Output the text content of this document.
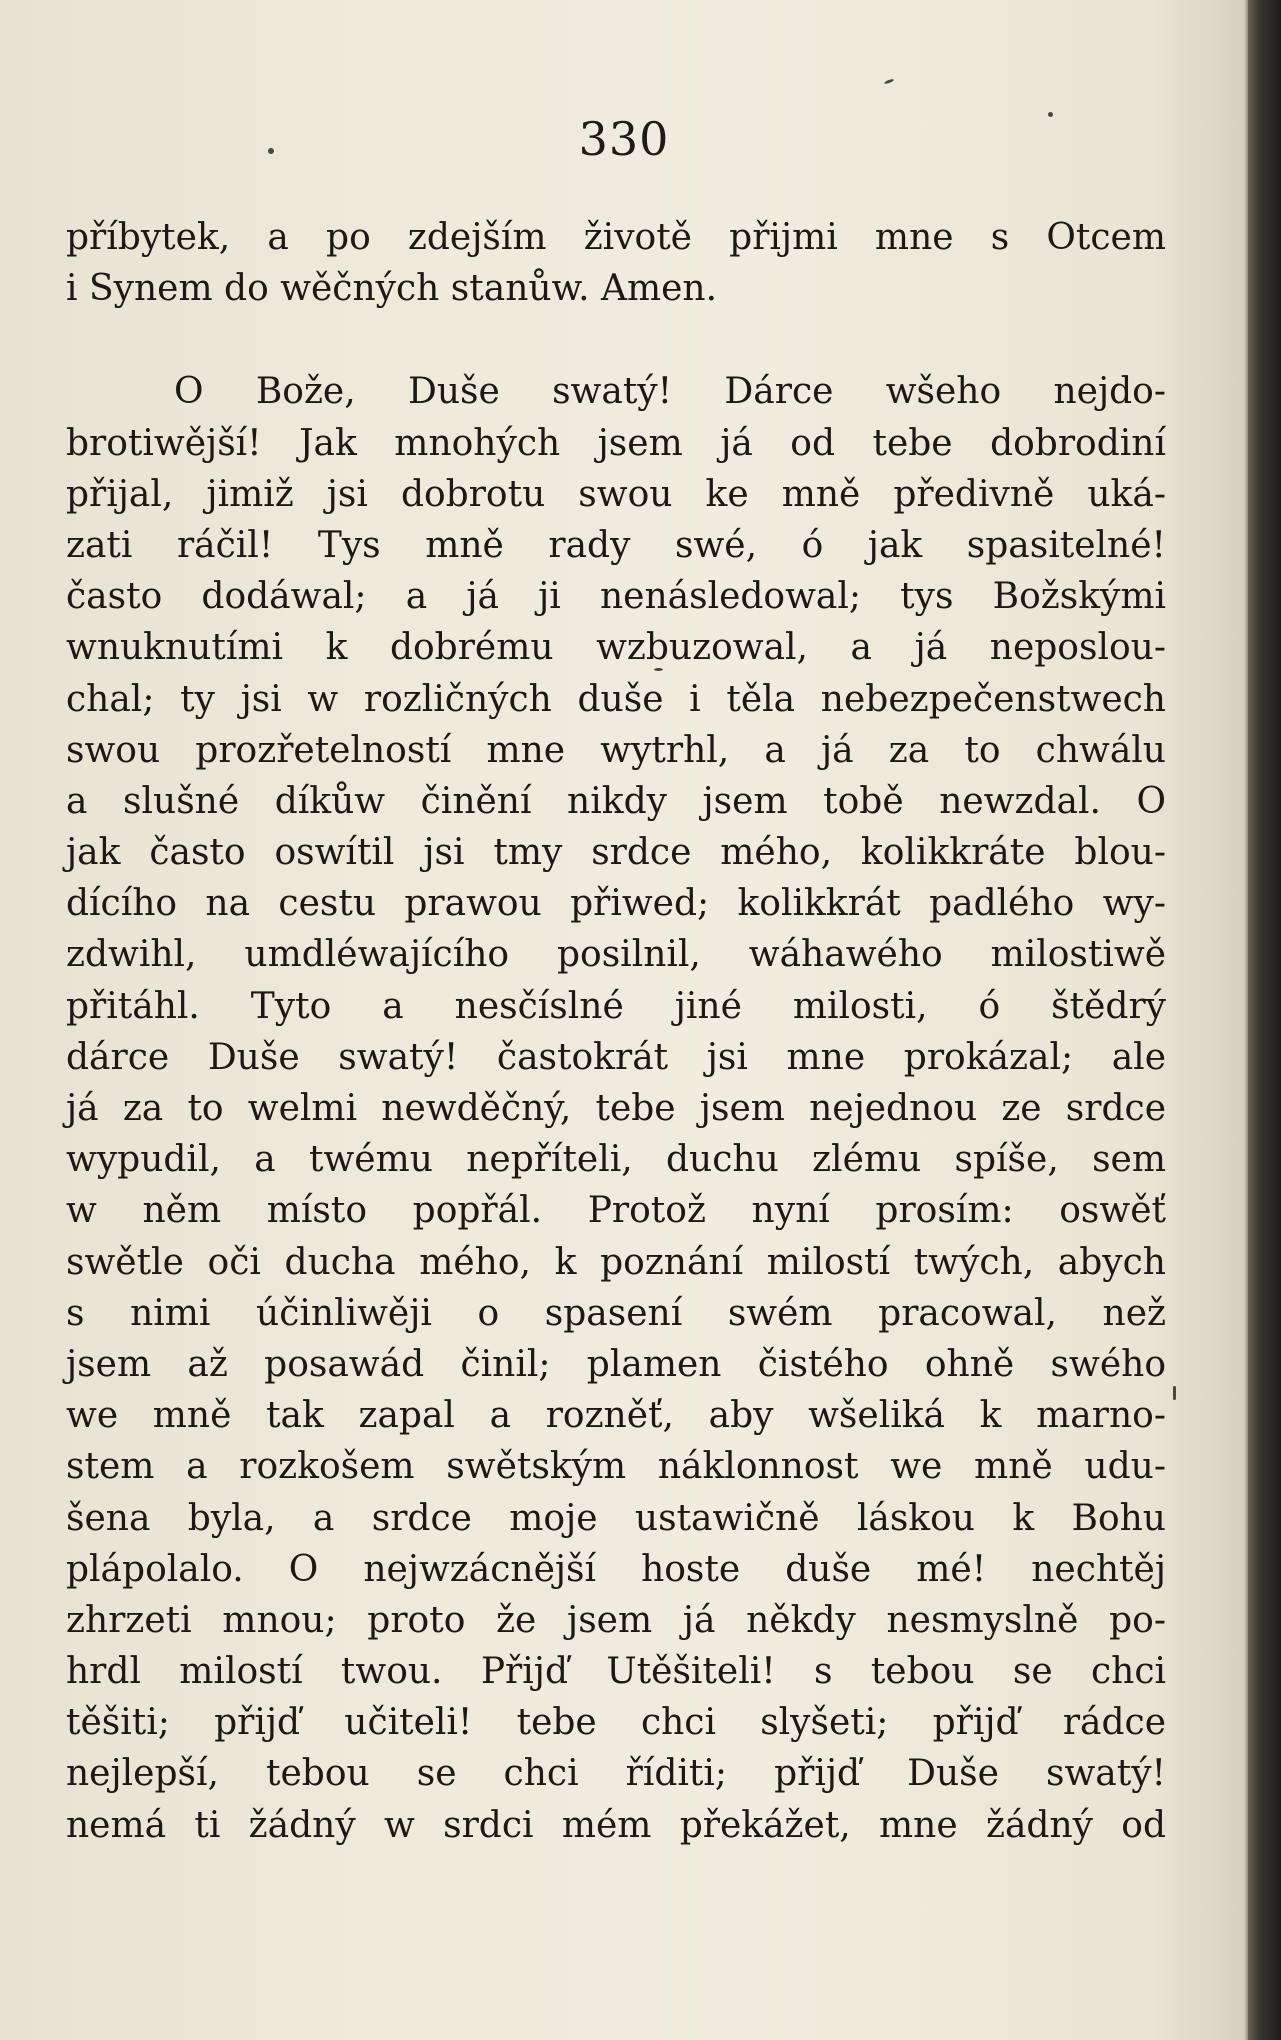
330
příbytek, a po zdejším životě přijmi mne s Otcem
i Synem do wěčných stanůw. Amen.
O Bože, Duše swatý! Dárce wšeho nejdo-
brotiwější! Jak mnohých jsem já od tebe dobrodiní
přijal, jimiž jsi dobrotu swou ke mně předivně uká-
zati ráčil! Tys mně rady swé, ó jak spasitelné!
často dodáwal; a já ji nenásledowal; tys Božskými
wnuknutími k dobrému wzbuzowal, a já neposlou-
chal; ty jsi w rozličných duše i těla nebezpečenstwech
swou prozřetelností mne wytrhl, a já za to chwálu
a slušné díkůw činění nikdy jsem tobě newzdal. O
jak často oswítil jsi tmy srdce mého, kolikkráte blou-
dícího na cestu prawou přiwed; kolikkrát padlého wy-
zdwihl, umdléwajícího posilnil, wáhawého milostiwě
přitáhl. Tyto a nesčíslné jiné milosti, ó štědrý
dárce Duše swatý! častokrát jsi mne prokázal; ale
já za to welmi newděčný, tebe jsem nejednou ze srdce
wypudil, a twému nepříteli, duchu zlému spíše, sem
w něm místo popřál. Protož nyní prosím: oswěť
swětle oči ducha mého, k poznání milostí twých, abych
s nimi účinliwěji o spasení swém pracowal, než
jsem až posawád činil; plamen čistého ohně swého
we mně tak zapal a rozněť, aby wšeliká k marno-
stem a rozkošem swětským náklonnost we mně udu-
šena byla, a srdce moje ustawičně láskou k Bohu
plápolalo. O nejwzácnější hoste duše mé! nechtěj
zhrzeti mnou; proto že jsem já někdy nesmyslně po-
hrdl milostí twou. Přijď Utěšiteli! s tebou se chci
těšiti; přijď učiteli! tebe chci slyšeti; přijď rádce
nejlepší, tebou se chci říditi; přijď Duše swatý!
nemá ti žádný w srdci mém překážet, mne žádný od
